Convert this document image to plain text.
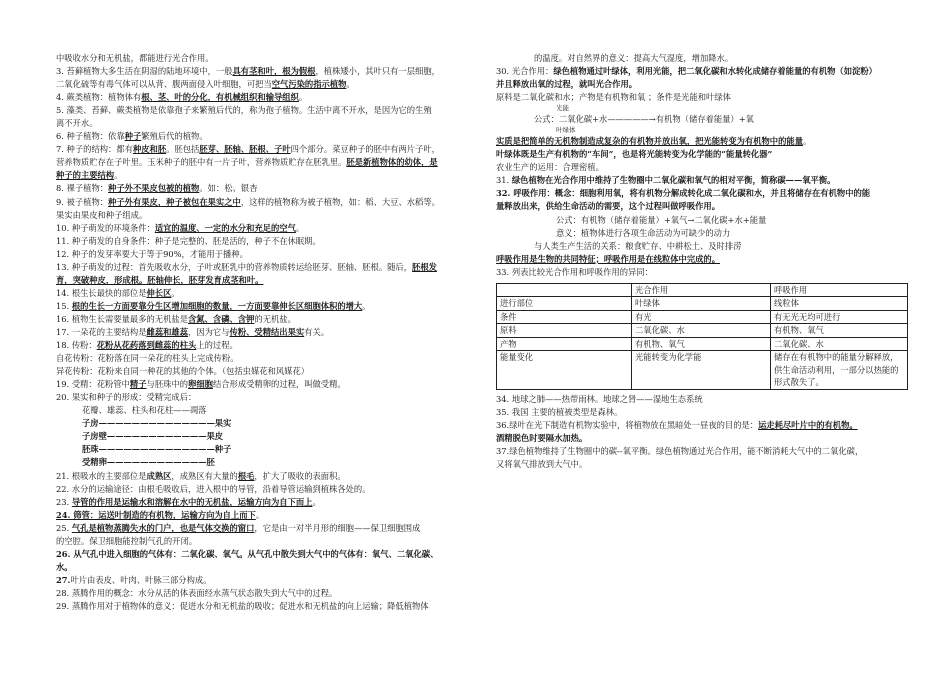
中吸收水分和无机盐，都能进行光合作用。
3. 苔藓植物大多生活在阴湿的陆地环境中，一般具有茎和叶，根为假根，植株矮小，其叶只有一层细胞，
二氧化硫等有毒气体可以从背、腹两面侵入叶细胞，可把当空气污染的指示植物。
4. 蕨类植物：植物体有根、茎、叶的分化，有机械组织和输导组织。
5. 藻类、苔藓、蕨类植物是依靠孢子来繁殖后代的，称为孢子植物。生活中离不开水，是因为它的生殖
离不开水。
6. 种子植物：依靠种子繁殖后代的植物。
7. 种子的结构：都有种皮和胚。胚包括胚芽、胚轴、胚根、子叶四个部分。菜豆种子的胚中有两片子叶，
营养物质贮存在子叶里。玉米种子的胚中有一片子叶，营养物质贮存在胚乳里。胚是新植物体的幼体，是
种子的主要结构。
8. 裸子植物：种子外不果皮包被的植物。如：松、银杏
9. 被子植物：种子外有果皮，种子被包在果实之中，这样的植物称为被子植物，如：稻、大豆、水稻等。
果实由果皮和种子组成。
10. 种子萌发的环境条件：适宜的温度、一定的水分和充足的空气。
11. 种子萌发的自身条件：种子是完整的、胚是活的，种子不在休眠期。
12. 种子的发芽率要大于等于90%，才能用于播种。
13. 种子萌发的过程：首先吸收水分，子叶或胚乳中的营养物质转运给胚芽、胚轴、胚根。随后，胚根发
育，突破种皮，形成根。胚轴伸长，胚芽发育成茎和叶。
14. 根生长最快的部位是伸长区。
15. 根的生长一方面要靠分生区增加细胞的数量，一方面要靠伸长区细胞体积的增大。
16. 植物生长需要量最多的无机盐是含氮、含磷、含钾的无机盐。
17. 一朵花的主要结构是雌蕊和雄蕊，因为它与传粉、受精结出果实有关。
18. 传粉：花粉从花药落到雌蕊的柱头上的过程。
自花传粉：花粉落在同一朵花的柱头上完成传粉。
异花传粉：花粉来自同一种花的其他的个体。（包括虫媒花和风媒花）
19. 受精：花粉管中精子与胚珠中的卵细胞结合形成受精卵的过程，叫做受精。
20. 果实和种子的形成：受精完成后：
花瓣、雄蕊、柱头和花柱——凋落
子房——————————————果实
子房壁————————————果皮
胚珠——————————————种子
受精卵————————————胚
21. 根吸水的主要部位是成熟区，成熟区有大量的根毛，扩大了吸收的表面积。
22. 水分的运输途径：由根毛吸收后，进入根中的导管，沿着导管运输到植株各处的。
23. 导管的作用是运输水和溶解在水中的无机盐，运输方向为自下而上。
24. 筛管：运送叶制造的有机物，运输方向为自上而下。
25. 气孔是植物蒸腾失水的门户，也是气体交换的窗口，它是由一对半月形的细胞——保卫细胞围成
的空腔。保卫细胞能控制气孔的开闭。
26. 从气孔中进入细胞的气体有：二氧化碳、氧气。从气孔中散失到大气中的气体有：氧气、二氧化碳、
水。
27.叶片由表皮、叶肉、叶脉三部分构成。
28. 蒸腾作用的概念：水分从活的体表面经水蒸气状态散失到大气中的过程。
29. 蒸腾作用对于植物体的意义：促进水分和无机盐的吸收；促进水和无机盐的向上运输；降低植物体
的温度。对自然界的意义：提高大气湿度，增加降水。
30. 光合作用：绿色植物通过叶绿体，利用光能，把二氧化碳和水转化成储存着能量的有机物（如淀粉）
并且释放出氧的过程，就叫光合作用。
原料是二氧化碳和水；产物是有机物和氧 ；条件是光能和叶绿体
光能
公式：二氧化碳+水—————→有机物（储存着能量）+氧
叶绿体
实质是把简单的无机物制造成复杂的有机物并放出氧，把光能转变为有机物中的能量。
叶绿体既是生产有机物的“车间”，也是将光能转变为化学能的“能量转化器”
农业生产的运用：合理密植。
31. 绿色植物在光合作用中维持了生物圈中二氧化碳和氧气的相对平衡，简称碳——氧平衡。
32. 呼吸作用：概念：细胞利用氧，将有机物分解成转化成二氧化碳和水，并且将储存在有机物中的能
量释放出来，供给生命活动的需要，这个过程叫做呼吸作用。
公式：有机物（储存着能量）+氧气→二氧化碳+水+能量
意义：植物体进行各项生命活动为可缺少的动力
与人类生产生活的关系：粮食贮存、中耕松土、及时排涝
呼吸作用是生物的共同特征；呼吸作用是在线粒体中完成的。
33. 列表比较光合作用和呼吸作用的异同：
	光合作用	呼吸作用
进行部位	叶绿体	线粒体
条件	有光	有无光无均可进行
原料	二氧化碳、水	有机物、氧气
产物	有机物、氧气	二氧化碳、水
能量变化	光能转变为化学能	储存在有机物中的能量分解释放，供生命活动利用，一部分以热能的形式散失了。
34. 地球之肺——热带雨林。地球之肾——湿地生态系统
35. 我国 主要的植被类型是森林。
36.绿叶在光下制造有机物实验中，将植物放在黑暗处一昼夜的目的是：运走耗尽叶片中的有机物。
酒精脱色时要隔水加热。
37.绿色植物维持了生物圈中的碳--氧平衡。绿色植物通过光合作用，能不断消耗大气中的二氧化碳，
又将氧气排放到大气中。
